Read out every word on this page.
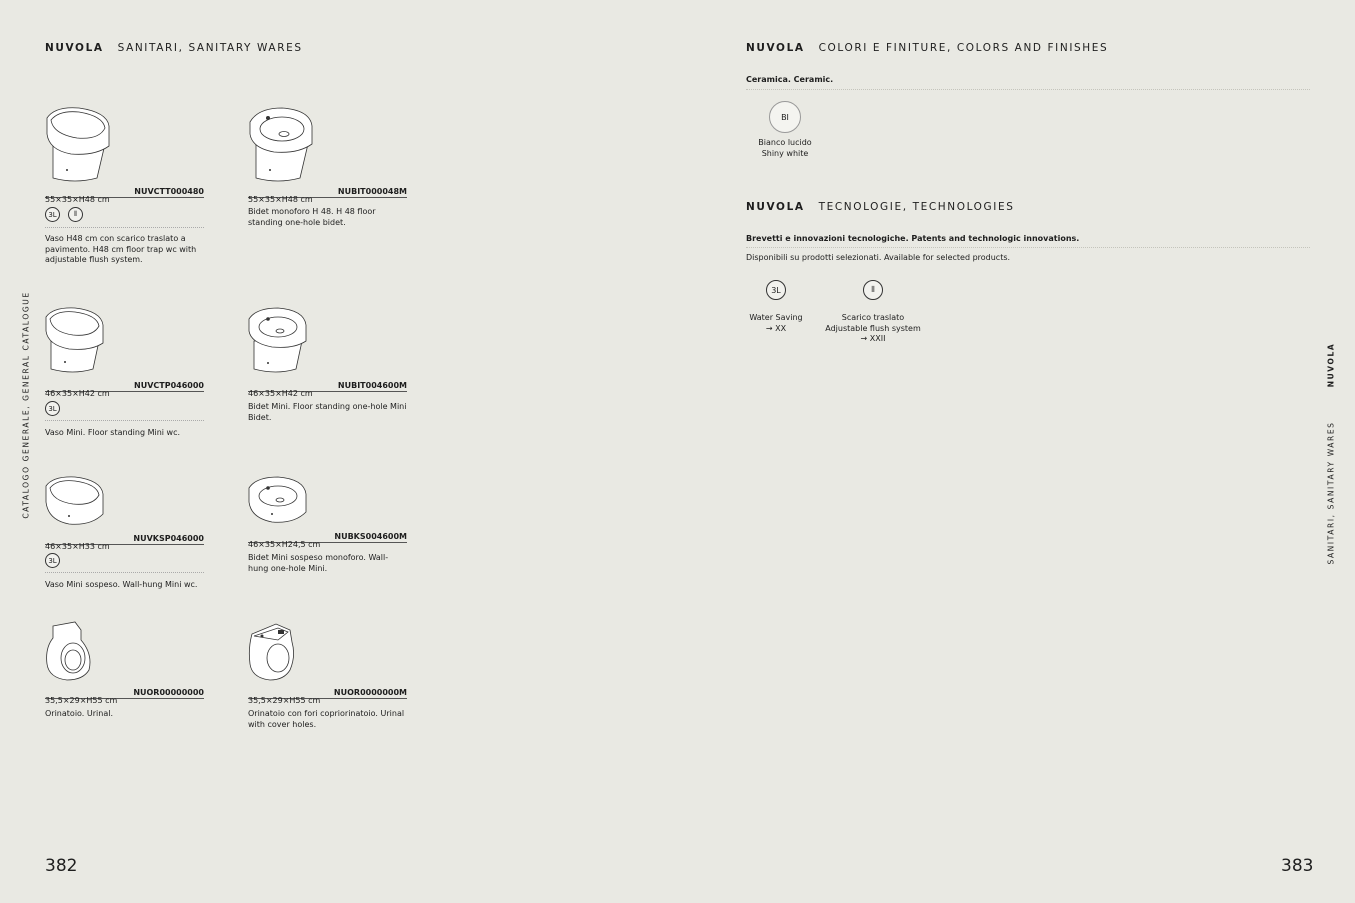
NUVOLA SANITARI, SANITARY WARES
CATALOGO GENERALE, GENERAL CATALOGUE
55×35×H48 cm
NUVCTT000480
3L	⦀
Vaso H48 cm con scarico traslato a pavimento. H48 cm floor trap wc with adjustable flush system.
55×35×H48 cm
NUBIT000048M
Bidet monoforo H 48. H 48 floor standing one-hole bidet.
46×35×H42 cm
NUVCTP046000
3L
Vaso Mini. Floor standing Mini wc.
46×35×H42 cm
NUBIT004600M
Bidet Mini. Floor standing one-hole Mini Bidet.
46×35×H33 cm
NUVKSP046000
3L
Vaso Mini sospeso. Wall-hung Mini wc.
46×35×H24,5 cm
NUBKS004600M
Bidet Mini sospeso monoforo. Wall-hung one-hole Mini.
35,5×29×H55 cm
NUOR00000000
Orinatoio. Urinal.
35,5×29×H55 cm
NUOR0000000M
Orinatoio con fori copriorinatoio. Urinal with cover holes.
382
NUVOLA COLORI E FINITURE, COLORS AND FINISHES
Ceramica. Ceramic.
BI
Bianco lucido
Shiny white
NUVOLA TECNOLOGIE, TECHNOLOGIES
Brevetti e innovazioni tecnologiche. Patents and technologic innovations.
Disponibili su prodotti selezionati. Available for selected products.
3L
Water Saving
→ XX
⦀
Scarico traslato
Adjustable flush system
→ XXII
NUVOLA
SANITARI, SANITARY WARES
383
